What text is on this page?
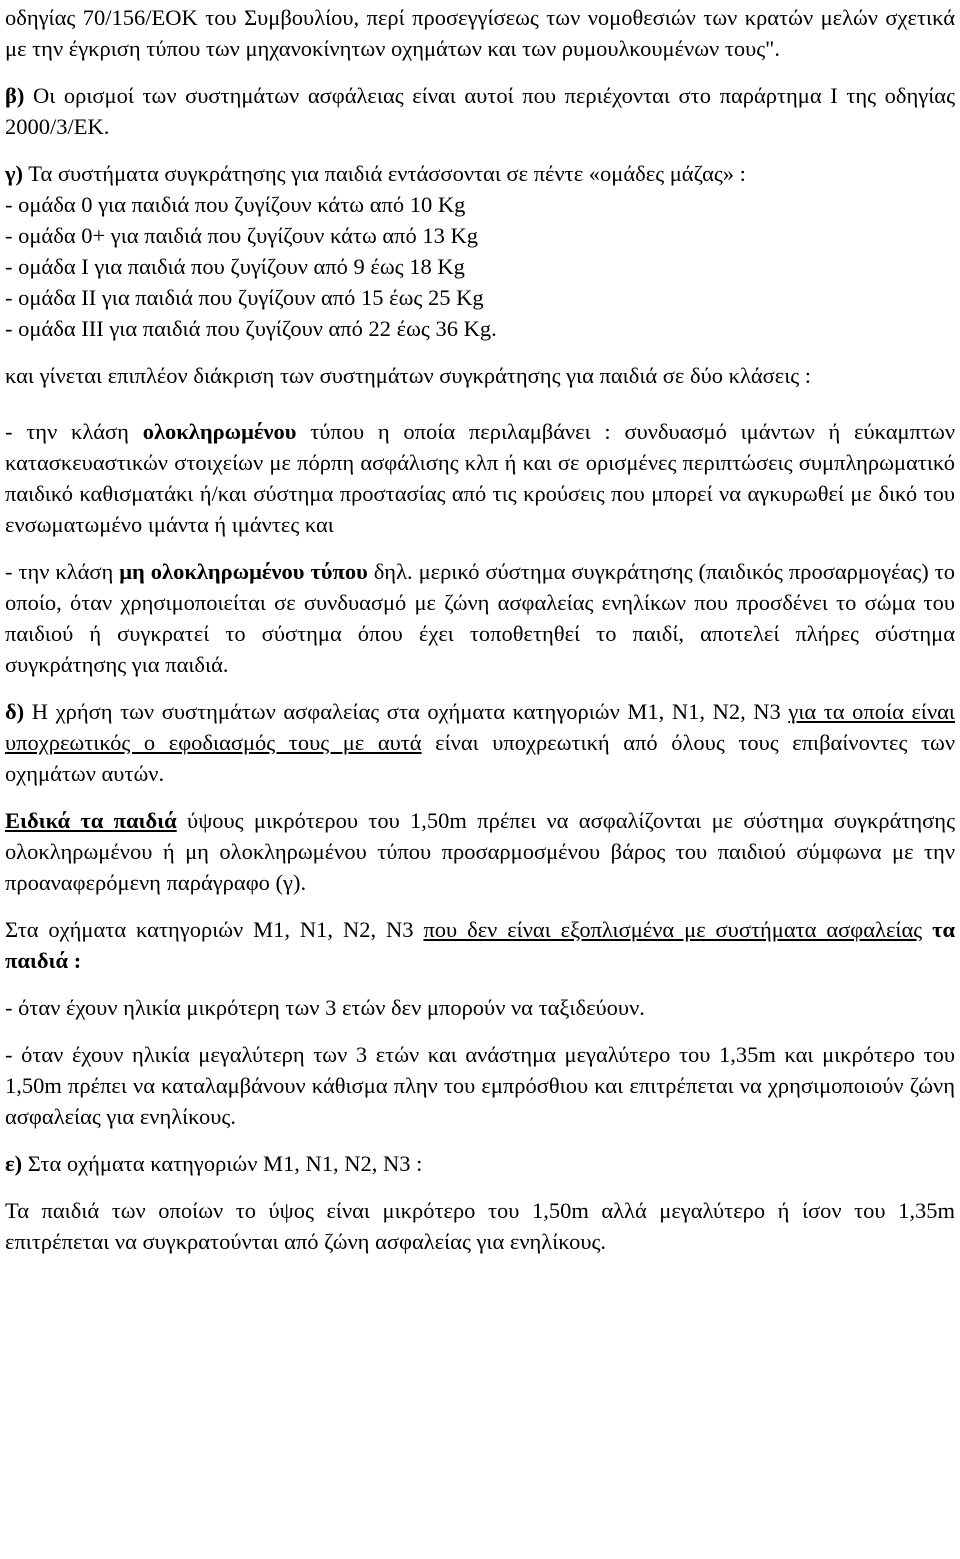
οδηγίας 70/156/ΕΟΚ του Συμβουλίου, περί προσεγγίσεως των νομοθεσιών των κρατών μελών σχετικά με την έγκριση τύπου των μηχανοκίνητων οχημάτων και των ρυμουλκουμένων τους".

β) Οι ορισμοί των συστημάτων ασφάλειας είναι αυτοί που περιέχονται στο παράρτημα Ι της οδηγίας 2000/3/ΕΚ.

γ) Τα συστήματα συγκράτησης για παιδιά εντάσσονται σε πέντε «ομάδες μάζας» :

- ομάδα 0 για παιδιά που ζυγίζουν κάτω από 10 Kg

- ομάδα 0+ για παιδιά που ζυγίζουν κάτω από 13 Kg

- ομάδα Ι για παιδιά που ζυγίζουν από 9 έως 18 Kg

- ομάδα ΙΙ για παιδιά που ζυγίζουν από 15 έως 25 Kg

- ομάδα ΙΙΙ για παιδιά που ζυγίζουν από 22 έως 36 Kg.

και γίνεται επιπλέον διάκριση των συστημάτων συγκράτησης για παιδιά σε δύο κλάσεις :

- την κλάση ολοκληρωμένου τύπου η οποία περιλαμβάνει : συνδυασμό ιμάντων ή εύκαμπτων κατασκευαστικών στοιχείων με πόρπη ασφάλισης κλπ ή και σε ορισμένες περιπτώσεις συμπληρωματικό παιδικό καθισματάκι ή/και σύστημα προστασίας από τις κρούσεις που μπορεί να αγκυρωθεί με δικό του ενσωματωμένο ιμάντα ή ιμάντες και

- την κλάση μη ολοκληρωμένου τύπου δηλ. μερικό σύστημα συγκράτησης (παιδικός προσαρμογέας) το οποίο, όταν χρησιμοποιείται σε συνδυασμό με ζώνη ασφαλείας ενηλίκων που προσδένει το σώμα του παιδιού ή συγκρατεί το σύστημα όπου έχει τοποθετηθεί το παιδί, αποτελεί πλήρες σύστημα συγκράτησης για παιδιά.

δ) Η χρήση των συστημάτων ασφαλείας στα οχήματα κατηγοριών Μ1, Ν1, Ν2, Ν3 για τα οποία είναι υποχρεωτικός ο εφοδιασμός τους με αυτά είναι υποχρεωτική από όλους τους επιβαίνοντες των οχημάτων αυτών.

Ειδικά τα παιδιά ύψους μικρότερου του 1,50m πρέπει να ασφαλίζονται με σύστημα συγκράτησης ολοκληρωμένου ή μη ολοκληρωμένου τύπου προσαρμοσμένου βάρος του παιδιού σύμφωνα με την προαναφερόμενη παράγραφο (γ).

Στα οχήματα κατηγοριών Μ1, Ν1, Ν2, Ν3 που δεν είναι εξοπλισμένα με συστήματα ασφαλείας τα παιδιά :

- όταν έχουν ηλικία μικρότερη των 3 ετών δεν μπορούν να ταξιδεύουν.

- όταν έχουν ηλικία μεγαλύτερη των 3 ετών και ανάστημα μεγαλύτερο του 1,35m και μικρότερο του 1,50m πρέπει να καταλαμβάνουν κάθισμα πλην του εμπρόσθιου και επιτρέπεται να χρησιμοποιούν ζώνη ασφαλείας για ενηλίκους.

ε) Στα οχήματα κατηγοριών Μ1, Ν1, Ν2, Ν3 :

Τα παιδιά των οποίων το ύψος είναι μικρότερο του 1,50m αλλά μεγαλύτερο ή ίσον του 1,35m επιτρέπεται να συγκρατούνται από ζώνη ασφαλείας για ενηλίκους.
